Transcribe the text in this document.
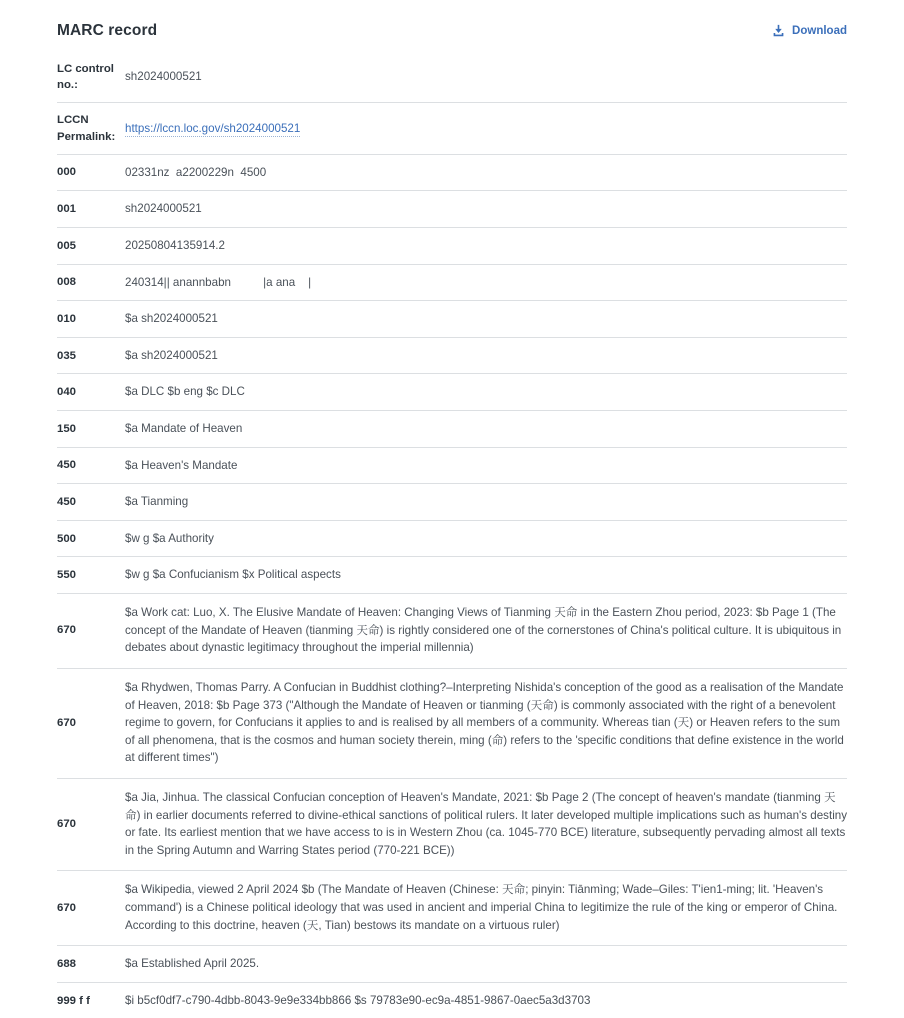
MARC record	Download
LC control no.:	sh2024000521
LCCN Permalink:	https://lccn.loc.gov/sh2024000521
000	02331nz  a2200229n  4500
001	sh2024000521
005	20250804135914.2
008	240314|| anannbabn          |a ana    |
010	$a sh2024000521
035	$a sh2024000521
040	$a DLC $b eng $c DLC
150	$a Mandate of Heaven
450	$a Heaven's Mandate
450	$a Tianming
500	$w g $a Authority
550	$w g $a Confucianism $x Political aspects
670	$a Work cat: Luo, X. The Elusive Mandate of Heaven: Changing Views of Tianming 天命 in the Eastern Zhou period, 2023: $b Page 1 (The concept of the Mandate of Heaven (tianming 天命) is rightly considered one of the cornerstones of China's political culture. It is ubiquitous in debates about dynastic legitimacy throughout the imperial millennia)
670	$a Rhydwen, Thomas Parry. A Confucian in Buddhist clothing?–Interpreting Nishida's conception of the good as a realisation of the Mandate of Heaven, 2018: $b Page 373 ("Although the Mandate of Heaven or tianming (天命) is commonly associated with the right of a benevolent regime to govern, for Confucians it applies to and is realised by all members of a community. Whereas tian (天) or Heaven refers to the sum of all phenomena, that is the cosmos and human society therein, ming (命) refers to the 'specific conditions that define existence in the world at different times")
670	$a Jia, Jinhua. The classical Confucian conception of Heaven's Mandate, 2021: $b Page 2 (The concept of heaven's mandate (tianming 天命) in earlier documents referred to divine-ethical sanctions of political rulers. It later developed multiple implications such as human's destiny or fate. Its earliest mention that we have access to is in Western Zhou (ca. 1045-770 BCE) literature, subsequently pervading almost all texts in the Spring Autumn and Warring States period (770-221 BCE))
670	$a Wikipedia, viewed 2 April 2024 $b (The Mandate of Heaven (Chinese: 天命; pinyin: Tiānmìng; Wade–Giles: T'ien1-ming; lit. 'Heaven's command') is a Chinese political ideology that was used in ancient and imperial China to legitimize the rule of the king or emperor of China. According to this doctrine, heaven (天, Tian) bestows its mandate on a virtuous ruler)
688	$a Established April 2025.
999 f f	$i b5cf0df7-c790-4dbb-8043-9e9e334bb866 $s 79783e90-ec9a-4851-9867-0aec5a3d3703
